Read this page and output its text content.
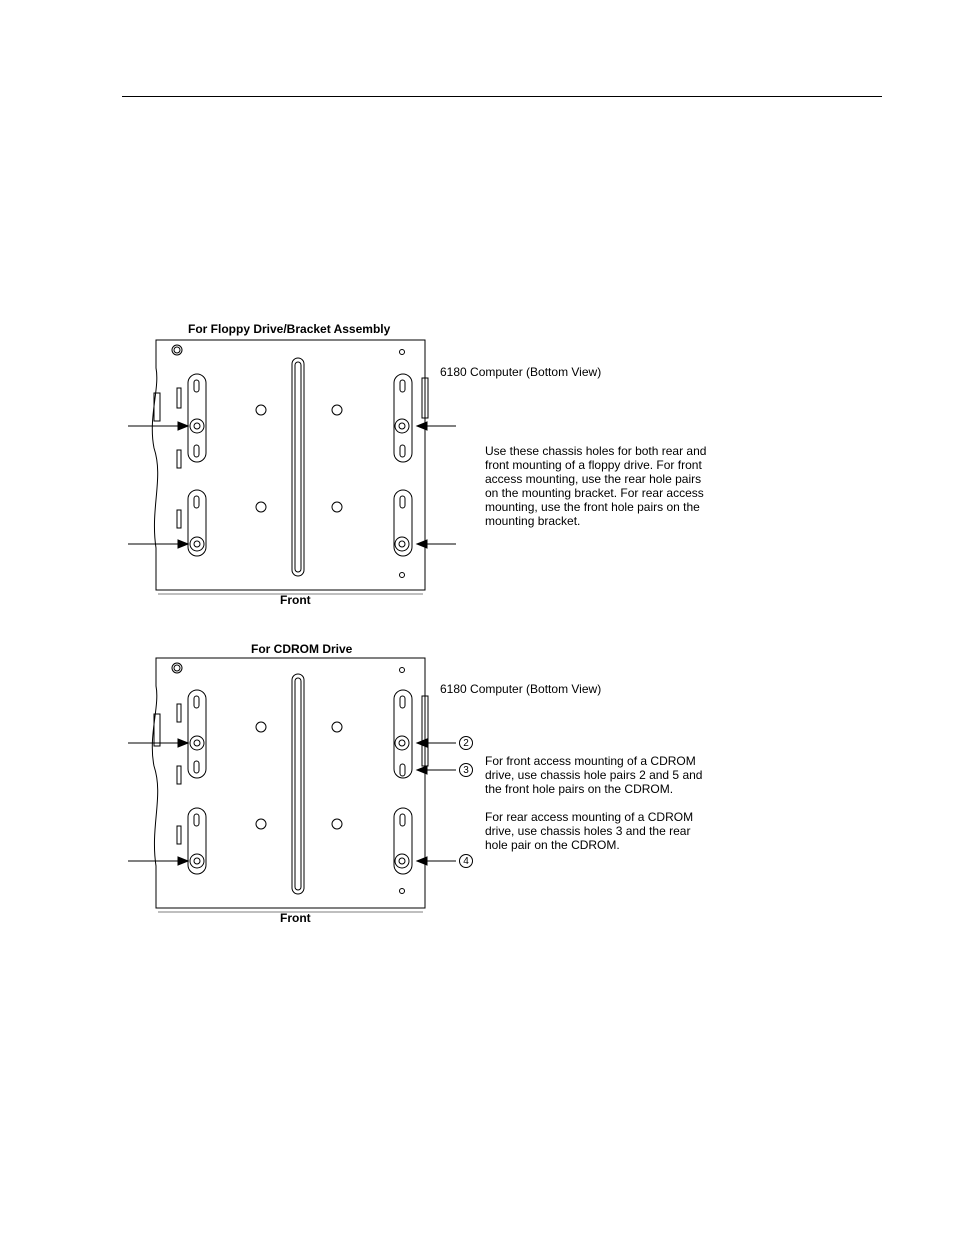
For Floppy Drive/Bracket Assembly
Front
6180 Computer (Bottom View)
Use these chassis holes for both rear and
front mounting of a floppy drive. For front
access mounting, use the rear hole pairs
on the mounting bracket. For rear access
mounting, use the front hole pairs on the
mounting bracket.
For CDROM Drive
2
3
4
Front
6180 Computer (Bottom View)

For front access mounting of a CDROM
drive, use chassis hole pairs 2 and 5 and
the front hole pairs on the CDROM.

For rear access mounting of a CDROM
drive, use chassis holes 3 and the rear
hole pair on the CDROM.
